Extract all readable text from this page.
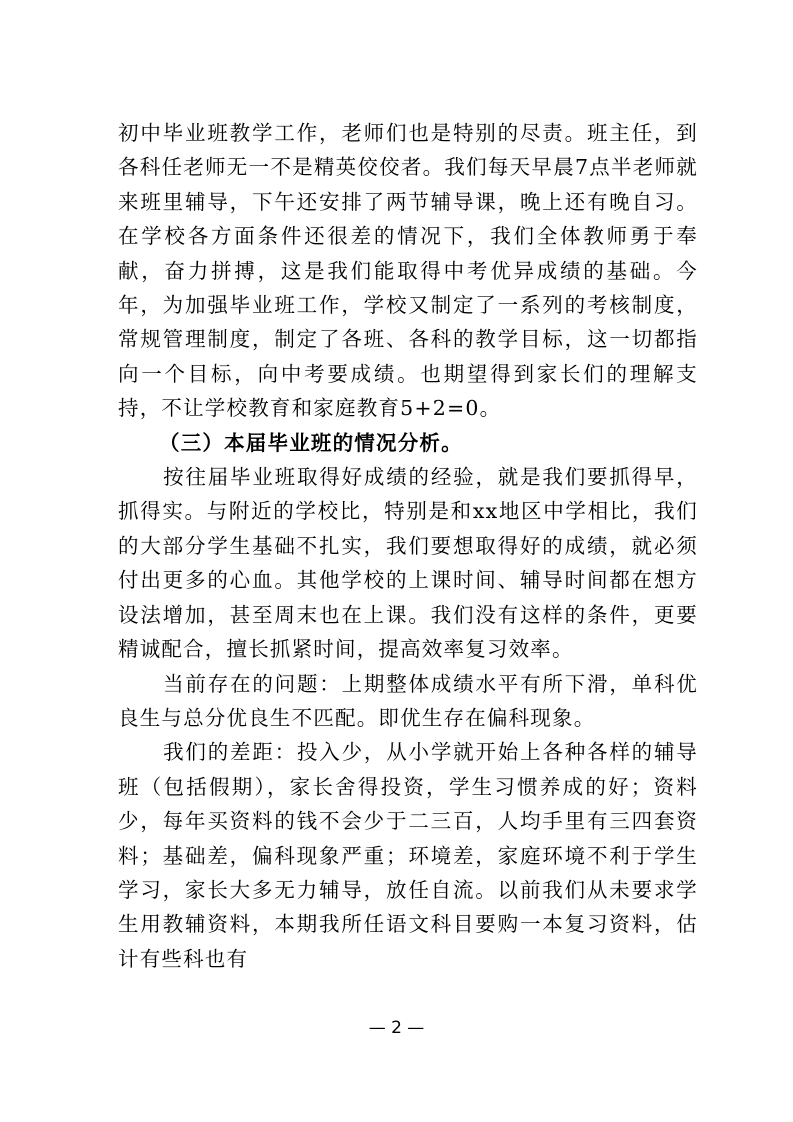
初中毕业班教学工作，老师们也是特别的尽责。班主任，到各科任老师无一不是精英佼佼者。我们每天早晨7点半老师就来班里辅导，下午还安排了两节辅导课，晚上还有晚自习。在学校各方面条件还很差的情况下，我们全体教师勇于奉献，奋力拼搏，这是我们能取得中考优异成绩的基础。今年，为加强毕业班工作，学校又制定了一系列的考核制度，常规管理制度，制定了各班、各科的教学目标，这一切都指向一个目标，向中考要成绩。也期望得到家长们的理解支持，不让学校教育和家庭教育5+2=0。

（三）本届毕业班的情况分析。

按往届毕业班取得好成绩的经验，就是我们要抓得早，抓得实。与附近的学校比，特别是和xx地区中学相比，我们的大部分学生基础不扎实，我们要想取得好的成绩，就必须付出更多的心血。其他学校的上课时间、辅导时间都在想方设法增加，甚至周末也在上课。我们没有这样的条件，更要精诚配合，擅长抓紧时间，提高效率复习效率。

当前存在的问题：上期整体成绩水平有所下滑，单科优良生与总分优良生不匹配。即优生存在偏科现象。

我们的差距：投入少，从小学就开始上各种各样的辅导班（包括假期），家长舍得投资，学生习惯养成的好；资料少，每年买资料的钱不会少于二三百，人均手里有三四套资料；基础差，偏科现象严重；环境差，家庭环境不利于学生学习，家长大多无力辅导，放任自流。以前我们从未要求学生用教辅资料，本期我所任语文科目要购一本复习资料，估计有些科也有

— 2 —
